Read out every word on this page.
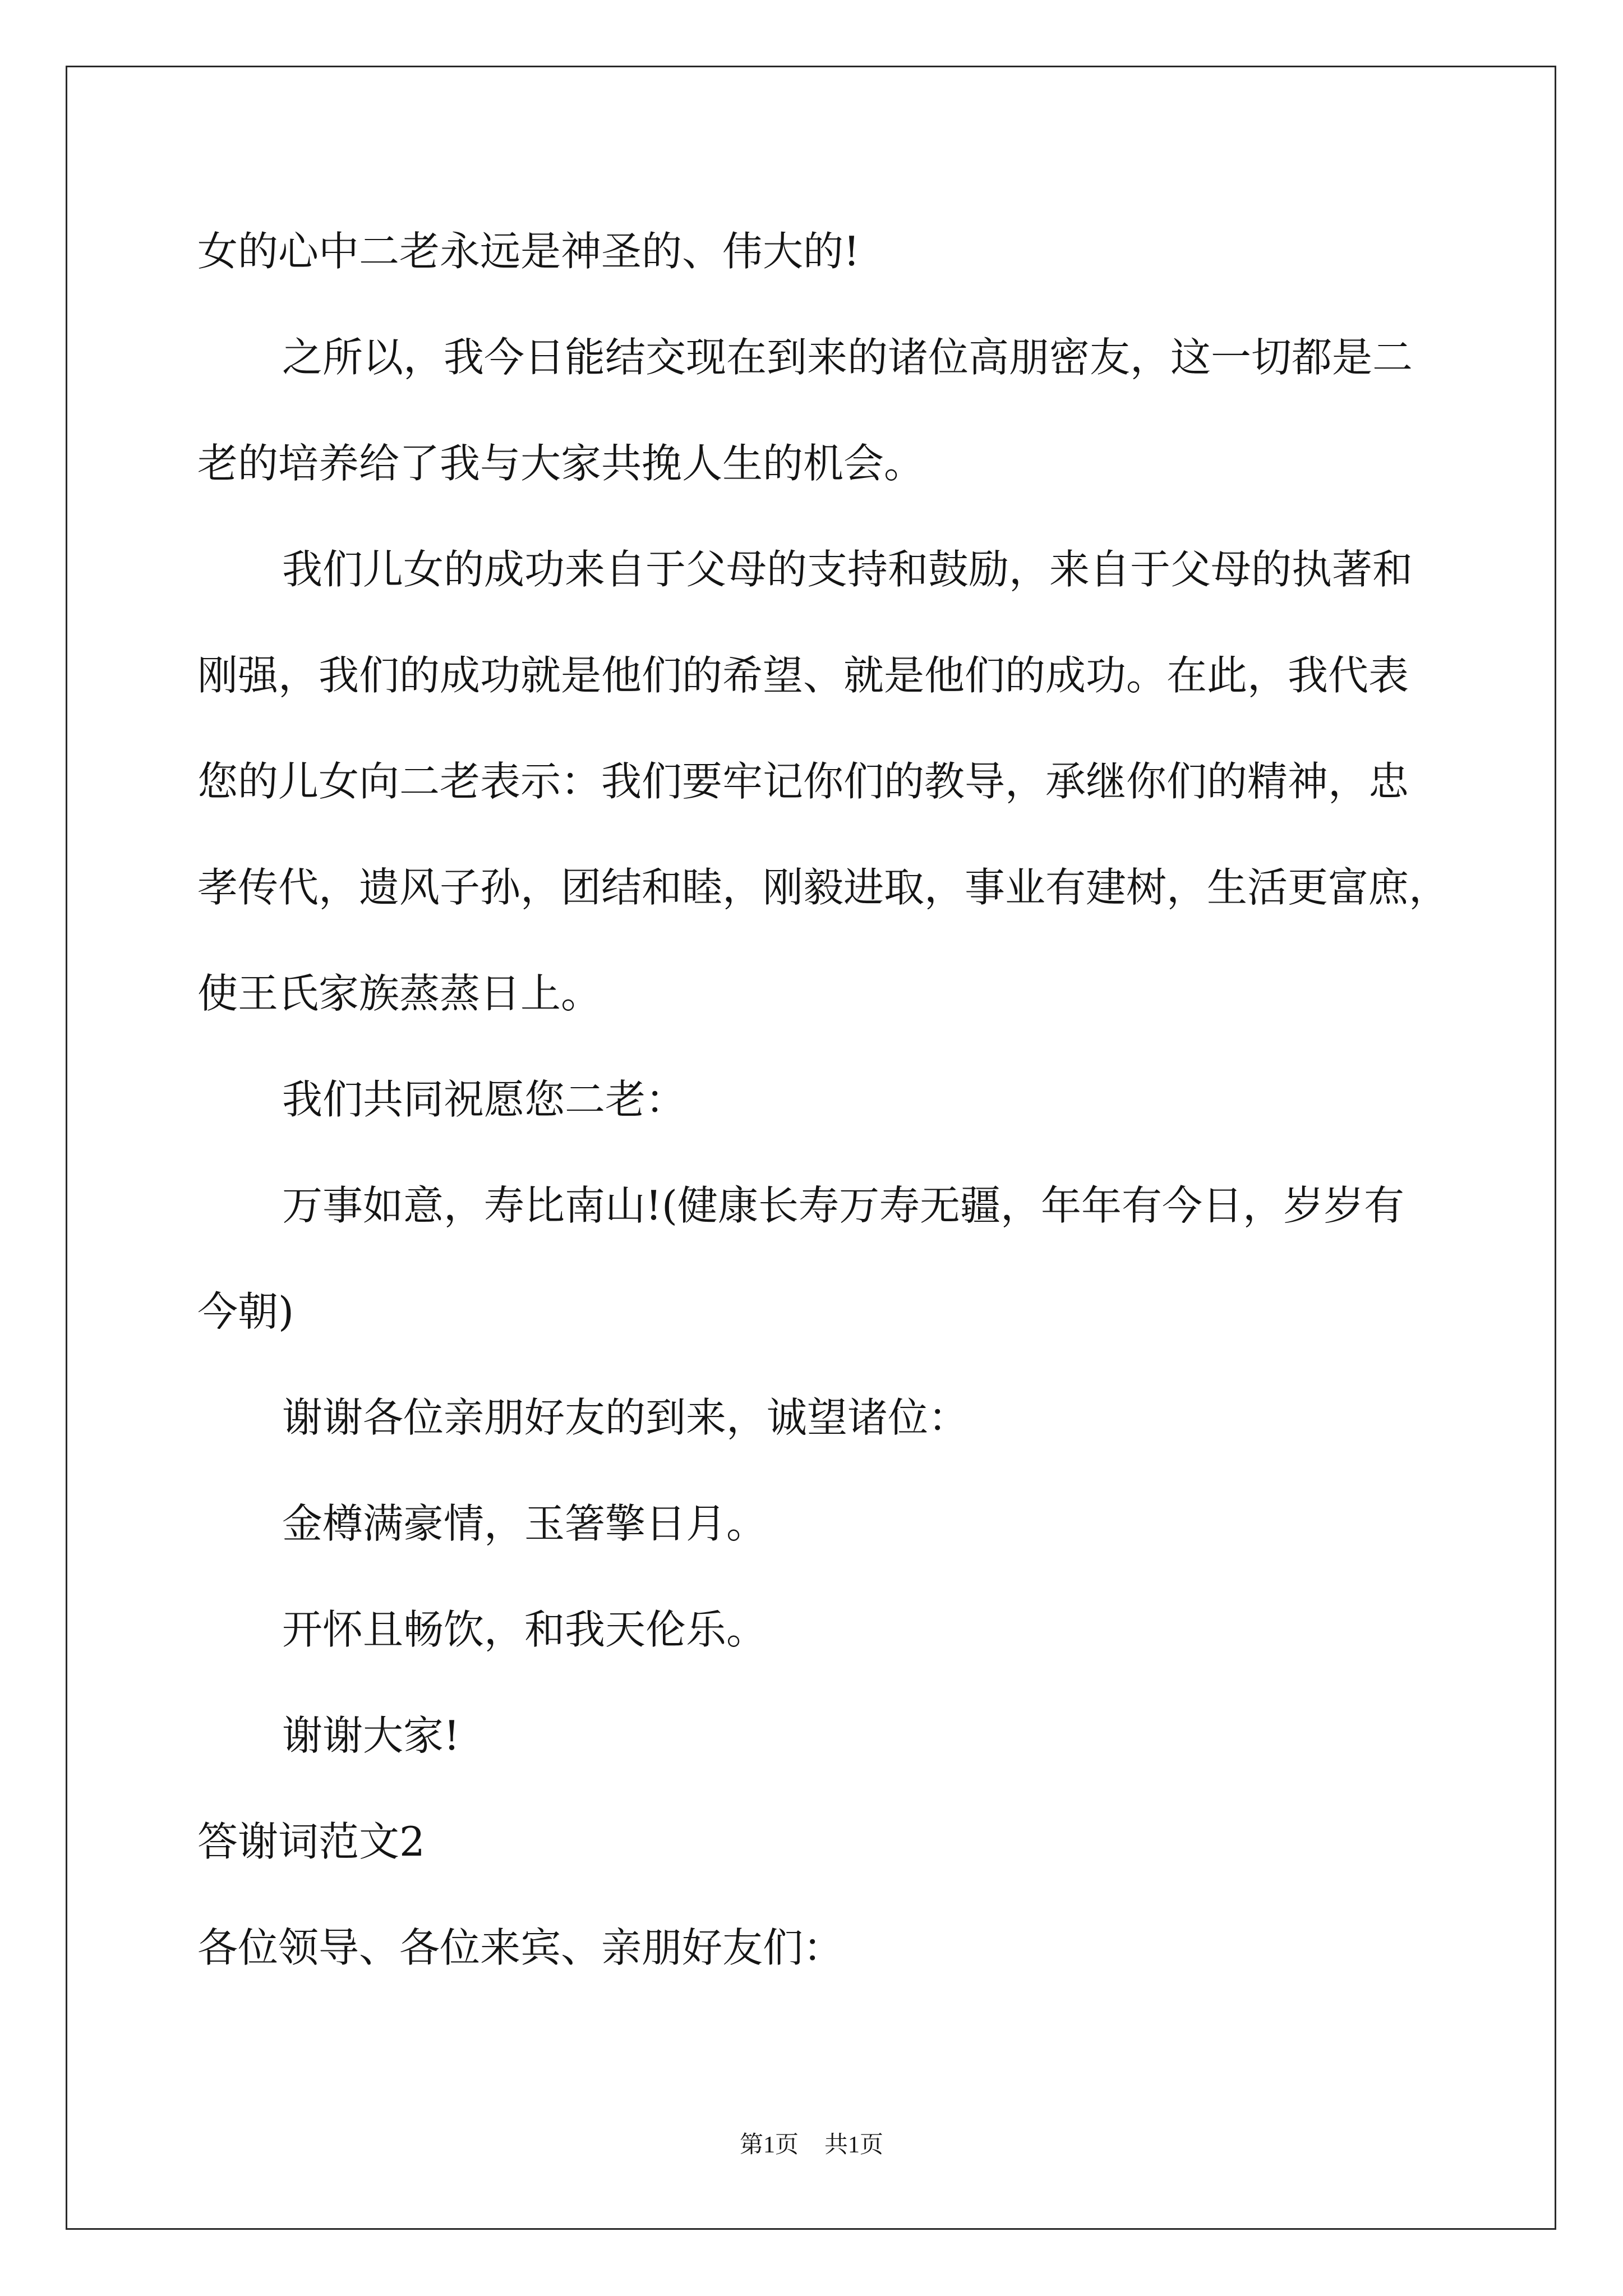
女的心中二老永远是神圣的、伟大的!
之所以，我今日能结交现在到来的诸位高朋密友，这一切都是二
老的培养给了我与大家共挽人生的机会。
我们儿女的成功来自于父母的支持和鼓励，来自于父母的执著和
刚强，我们的成功就是他们的希望、就是他们的成功。在此，我代表
您的儿女向二老表示：我们要牢记你们的教导，承继你们的精神，忠
孝传代，遗风子孙，团结和睦，刚毅进取，事业有建树，生活更富庶，
使王氏家族蒸蒸日上。
我们共同祝愿您二老：
万事如意，寿比南山!(健康长寿万寿无疆，年年有今日，岁岁有
今朝)
谢谢各位亲朋好友的到来，诚望诸位：
金樽满豪情，玉箸擎日月。
开怀且畅饮，和我天伦乐。
谢谢大家!
答谢词范文2
各位领导、各位来宾、亲朋好友们：
第1页 共1页
